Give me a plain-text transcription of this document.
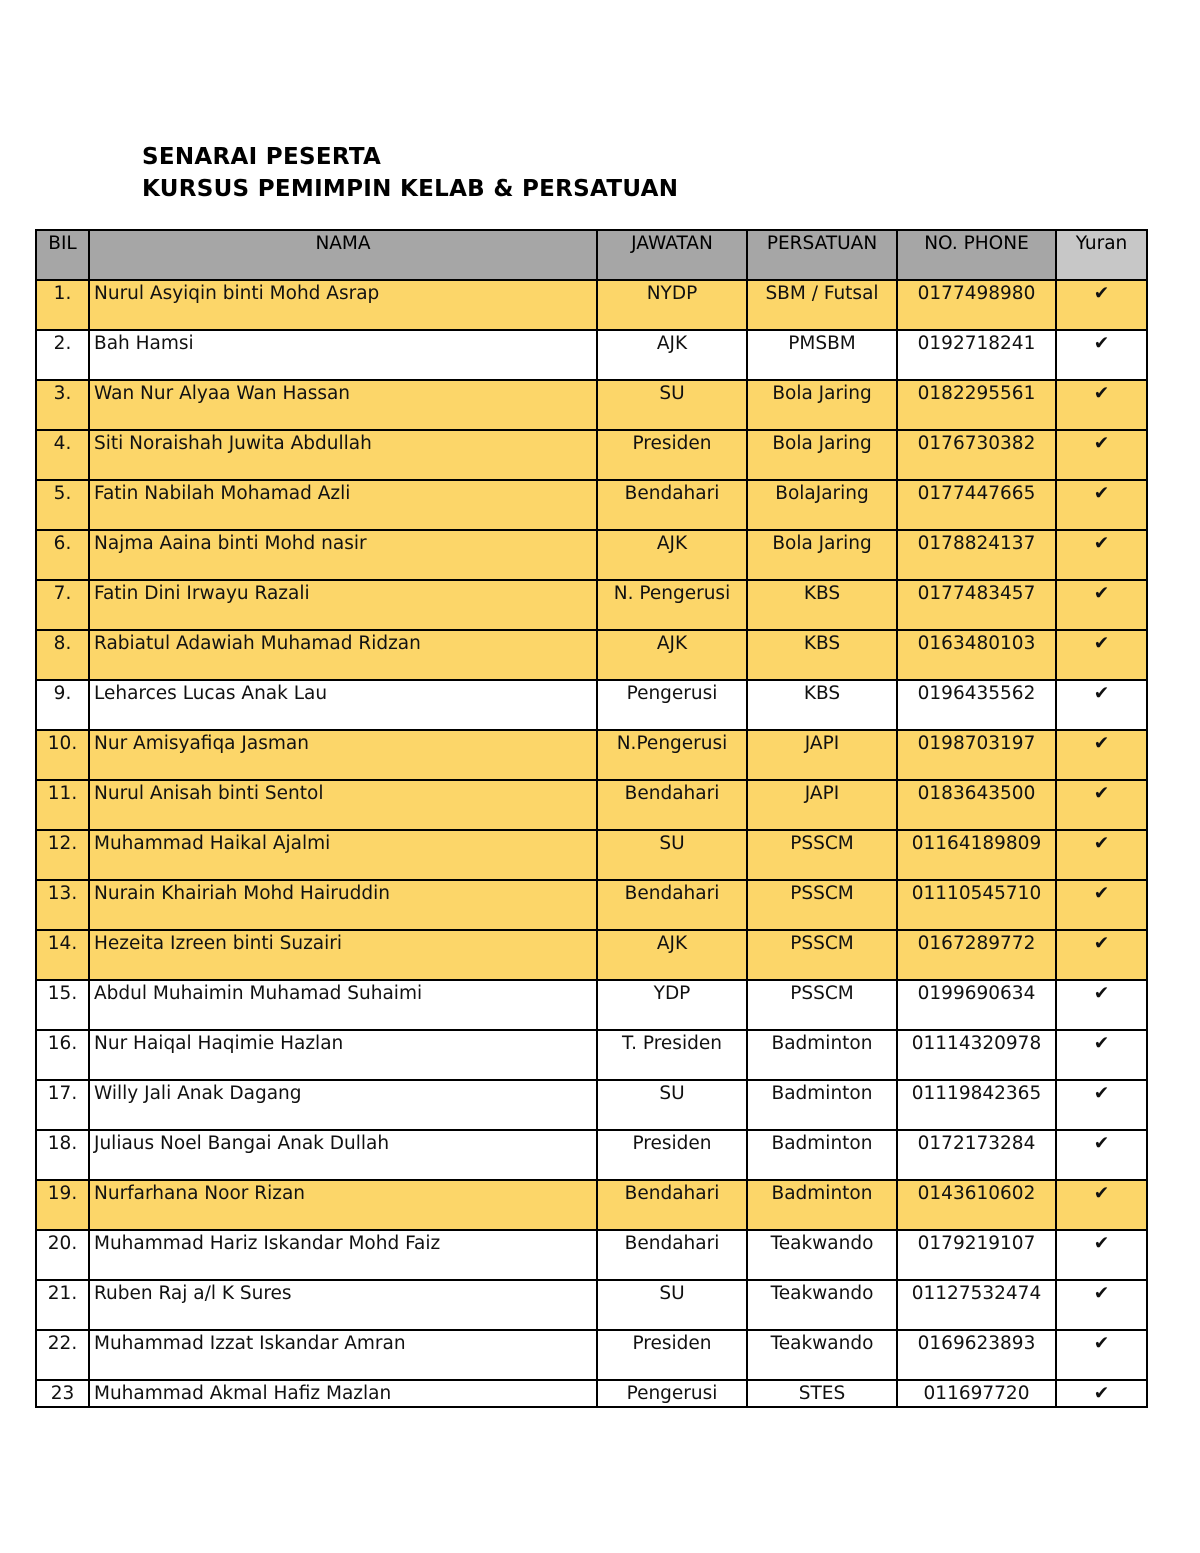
SENARAI PESERTA
KURSUS PEMIMPIN KELAB & PERSATUAN
BIL	NAMA	JAWATAN	PERSATUAN	NO. PHONE	Yuran
1.	Nurul Asyiqin binti Mohd Asrap	NYDP	SBM / Futsal	0177498980	✔
2.	Bah Hamsi	AJK	PMSBM	0192718241	✔
3.	Wan Nur Alyaa Wan Hassan	SU	Bola Jaring	0182295561	✔
4.	Siti Noraishah Juwita Abdullah	Presiden	Bola Jaring	0176730382	✔
5.	Fatin Nabilah Mohamad Azli	Bendahari	BolaJaring	0177447665	✔
6.	Najma Aaina binti Mohd nasir	AJK	Bola Jaring	0178824137	✔
7.	Fatin Dini Irwayu Razali	N. Pengerusi	KBS	0177483457	✔
8.	Rabiatul Adawiah Muhamad Ridzan	AJK	KBS	0163480103	✔
9.	Leharces Lucas Anak Lau	Pengerusi	KBS	0196435562	✔
10.	Nur Amisyafiqa Jasman	N.Pengerusi	JAPI	0198703197	✔
11.	Nurul Anisah binti Sentol	Bendahari	JAPI	0183643500	✔
12.	Muhammad Haikal Ajalmi	SU	PSSCM	01164189809	✔
13.	Nurain Khairiah Mohd Hairuddin	Bendahari	PSSCM	01110545710	✔
14.	Hezeita Izreen binti Suzairi	AJK	PSSCM	0167289772	✔
15.	Abdul Muhaimin Muhamad Suhaimi	YDP	PSSCM	0199690634	✔
16.	Nur Haiqal Haqimie Hazlan	T. Presiden	Badminton	01114320978	✔
17.	Willy Jali Anak Dagang	SU	Badminton	01119842365	✔
18.	Juliaus Noel Bangai Anak Dullah	Presiden	Badminton	0172173284	✔
19.	Nurfarhana Noor Rizan	Bendahari	Badminton	0143610602	✔
20.	Muhammad Hariz Iskandar Mohd Faiz	Bendahari	Teakwando	0179219107	✔
21.	Ruben Raj a/l K Sures	SU	Teakwando	01127532474	✔
22.	Muhammad Izzat Iskandar Amran	Presiden	Teakwando	0169623893	✔
23	Muhammad Akmal Hafiz Mazlan	Pengerusi	STES	011697720	✔
